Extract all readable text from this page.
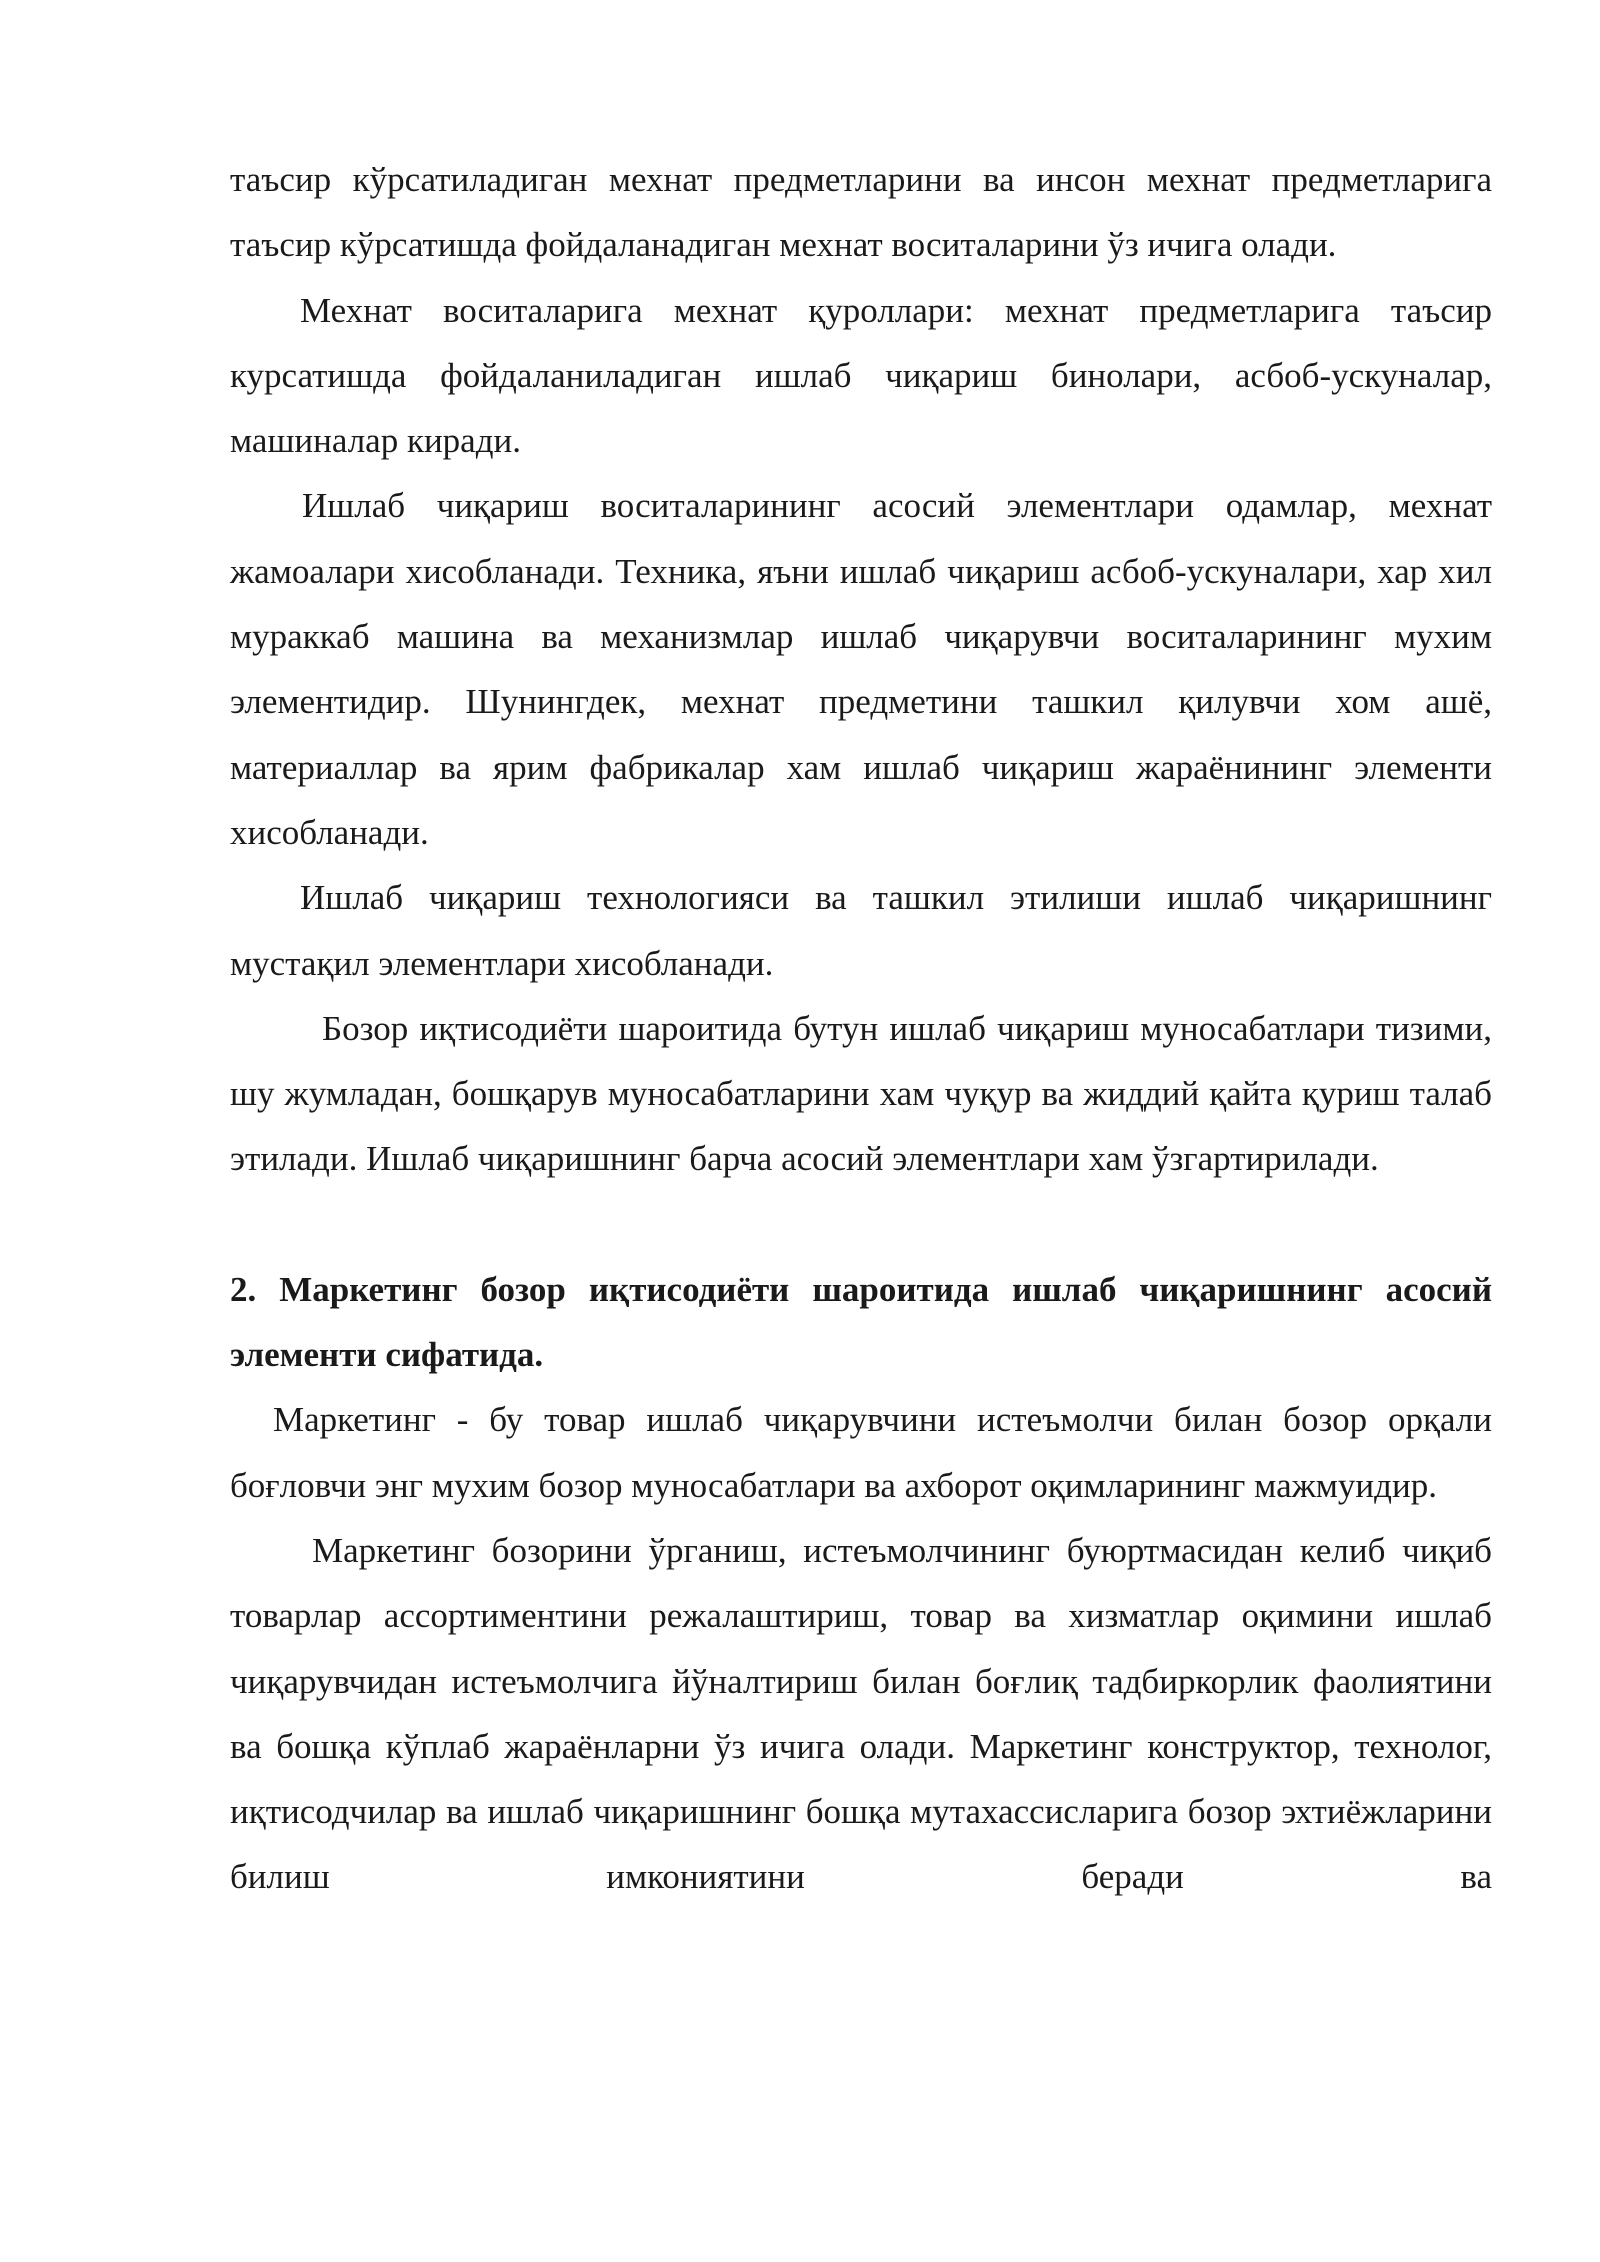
таъсир кўрсатиладиган мехнат предметларини ва инсон мехнат предметларига таъсир кўрсатишда фойдаланадиган мехнат воситаларини ўз ичига олади.

Мехнат воситаларига мехнат қуроллари: мехнат предметларига таъсир курсатишда фойдаланиладиган ишлаб чиқариш бинолари, асбоб-ускуналар, машиналар киради.

Ишлаб чиқариш воситаларининг асосий элементлари одамлар, мехнат жамоалари хисобланади. Техника, яъни ишлаб чиқариш асбоб-ускуналари, хар хил мураккаб машина ва механизмлар ишлаб чиқарувчи воситаларининг мухим элементидир. Шунингдек, мехнат предметини ташкил қилувчи хом ашё, материаллар ва ярим фабрикалар хам ишлаб чиқариш жараёнининг элементи хисобланади.

Ишлаб чиқариш технологияси ва ташкил этилиши ишлаб чиқаришнинг мустақил элементлари хисобланади.

Бозор иқтисодиёти шароитида бутун ишлаб чиқариш муносабатлари тизими, шу жумладан, бошқарув муносабатларини хам чуқур ва жиддий қайта қуриш талаб этилади. Ишлаб чиқаришнинг барча асосий элементлари хам ўзгартирилади.

2. Маркетинг бозор иқтисодиёти шароитида ишлаб чиқаришнинг асосий элементи сифатида.

Маркетинг - бу товар ишлаб чиқарувчини истеъмолчи билан бозор орқали боғловчи энг мухим бозор муносабатлари ва ахборот оқимларининг мажмуидир.

Маркетинг бозорини ўрганиш, истеъмолчининг буюртмасидан келиб чиқиб товарлар ассортиментини режалаштириш, товар ва хизматлар оқимини ишлаб чиқарувчидан истеъмолчига йўналтириш билан боғлиқ тадбиркорлик фаолиятини ва бошқа кўплаб жараёнларни ўз ичига олади. Маркетинг конструктор, технолог, иқтисодчилар ва ишлаб чиқаришнинг бошқа мутахассисларига бозор эхтиёжларини билиш имкониятини беради ва
